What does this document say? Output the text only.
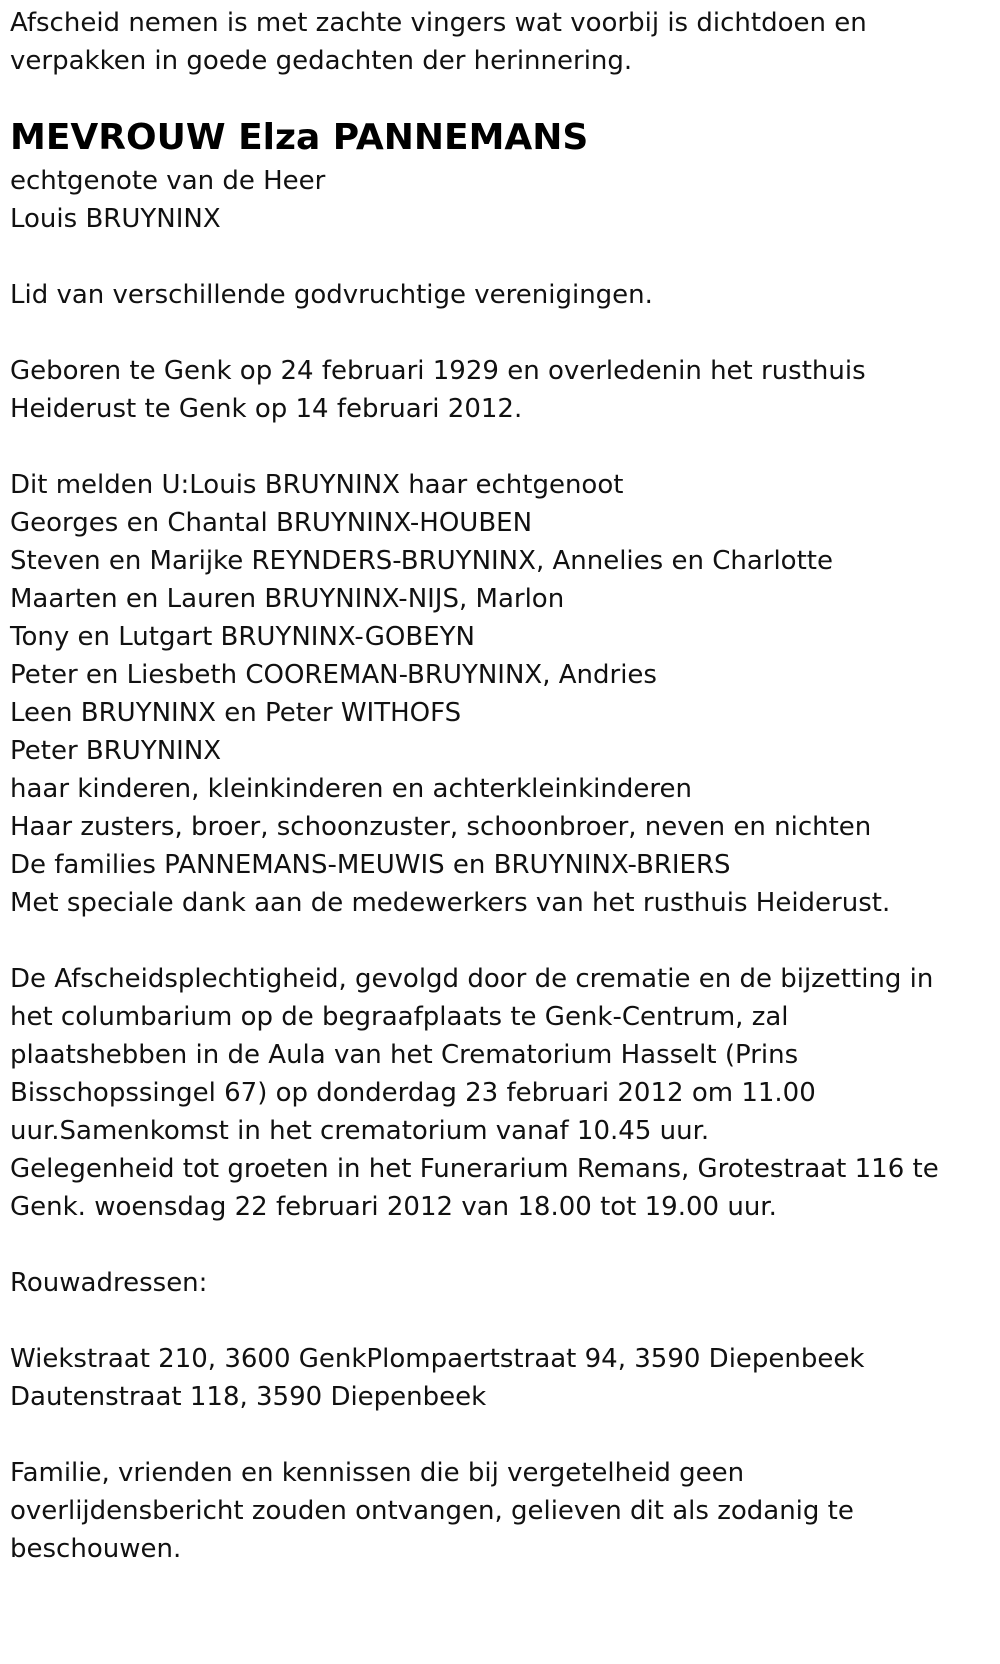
Afscheid nemen is met zachte vingers wat voorbij is dichtdoen en

verpakken in goede gedachten der herinnering.

MEVROUW Elza PANNEMANS

echtgenote van de Heer

Louis BRUYNINX

Lid van verschillende godvruchtige verenigingen.

Geboren te Genk op 24 februari 1929 en overledenin het rusthuis

Heiderust te Genk op 14 februari 2012.

Dit melden U:Louis BRUYNINX haar echtgenoot

Georges en Chantal BRUYNINX-HOUBEN

Steven en Marijke REYNDERS-BRUYNINX, Annelies en Charlotte

Maarten en Lauren BRUYNINX-NIJS, Marlon

Tony en Lutgart BRUYNINX-GOBEYN

Peter en Liesbeth COOREMAN-BRUYNINX, Andries

Leen BRUYNINX en Peter WITHOFS

Peter BRUYNINX

haar kinderen, kleinkinderen en achterkleinkinderen

Haar zusters, broer, schoonzuster, schoonbroer, neven en nichten

De families PANNEMANS-MEUWIS en BRUYNINX-BRIERS

Met speciale dank aan de medewerkers van het rusthuis Heiderust.

De Afscheidsplechtigheid, gevolgd door de crematie en de bijzetting in

het columbarium op de begraafplaats te Genk-Centrum, zal

plaatshebben in de Aula van het Crematorium Hasselt (Prins

Bisschopssingel 67) op donderdag 23 februari 2012 om 11.00

uur.Samenkomst in het crematorium vanaf 10.45 uur.

Gelegenheid tot groeten in het Funerarium Remans, Grotestraat 116 te

Genk. woensdag 22 februari 2012 van 18.00 tot 19.00 uur.

Rouwadressen:

Wiekstraat 210, 3600 GenkPlompaertstraat 94, 3590 Diepenbeek

Dautenstraat 118, 3590 Diepenbeek

Familie, vrienden en kennissen die bij vergetelheid geen

overlijdensbericht zouden ontvangen, gelieven dit als zodanig te

beschouwen.
